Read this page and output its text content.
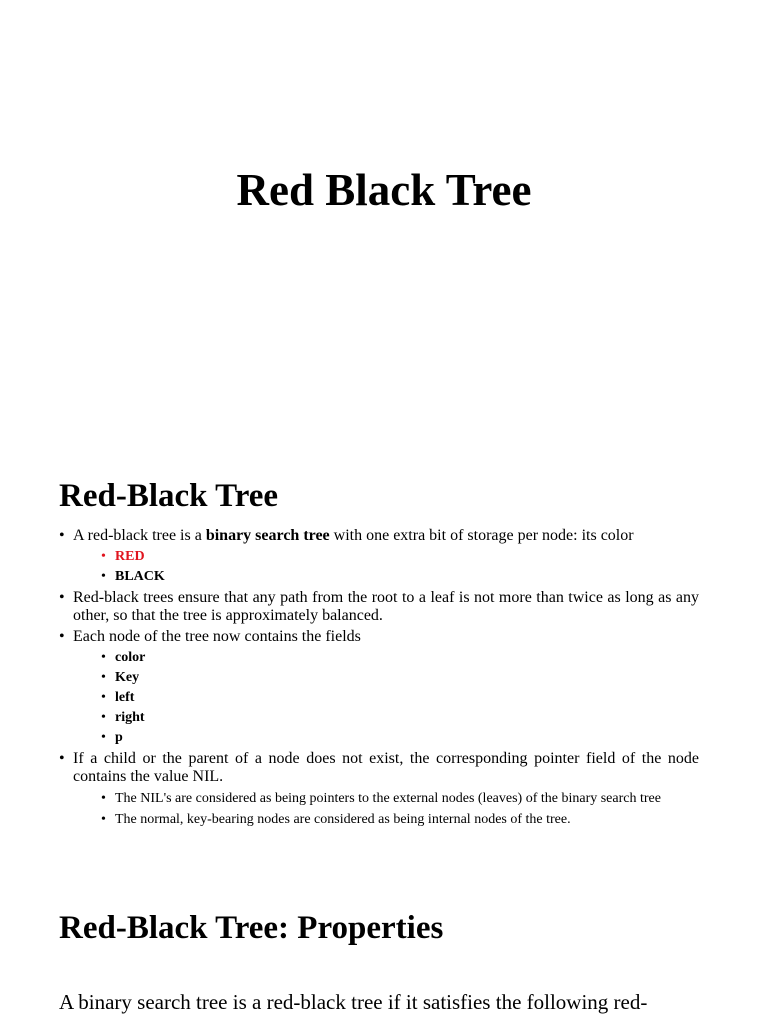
Red Black Tree
Red-Black Tree
• A red-black tree is a binary search tree with one extra bit of storage per node: its color
• RED
• BLACK
• Red-black trees ensure that any path from the root to a leaf is not more than twice as long as any other, so that the tree is approximately balanced.
• Each node of the tree now contains the fields
• color
• Key
• left
• right
• p
• If a child or the parent of a node does not exist, the corresponding pointer field of the node contains the value NIL.
• The NIL's are considered as being pointers to the external nodes (leaves) of the binary search tree
• The normal, key-bearing nodes are considered as being internal nodes of the tree.
Red-Black Tree: Properties

A binary search tree is a red-black tree if it satisfies the following red-
